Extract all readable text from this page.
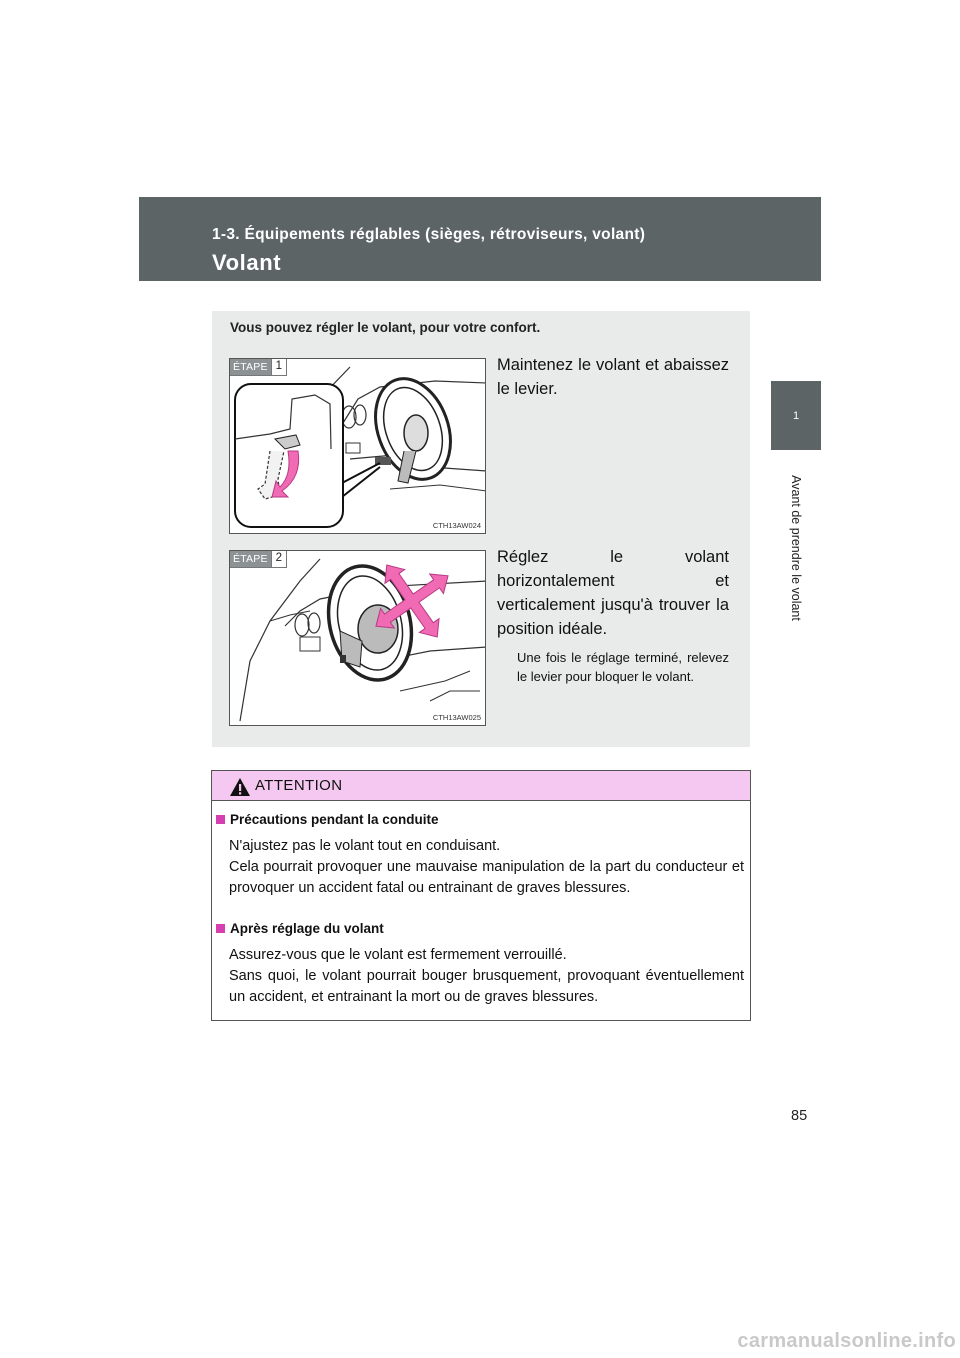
1-3. Équipements réglables (sièges, rétroviseurs, volant)
Volant
1
Avant de prendre le volant
Vous pouvez régler le volant, pour votre confort.
ÉTAPE 1
CTH13AW024
Maintenez le volant et abaissez le levier.
ÉTAPE 2
CTH13AW025
Réglez le volant horizontalement et verticalement jusqu'à trouver la position idéale.
Une fois le réglage terminé, relevez le levier pour bloquer le volant.
ATTENTION
Précautions pendant la conduite
N'ajustez pas le volant tout en conduisant.
Cela pourrait provoquer une mauvaise manipulation de la part du conducteur et provoquer un accident fatal ou entrainant de graves blessures.
Après réglage du volant
Assurez-vous que le volant est fermement verrouillé.
Sans quoi, le volant pourrait bouger brusquement, provoquant éventuellement un accident, et entrainant la mort ou de graves blessures.
85
carmanualsonline.info
